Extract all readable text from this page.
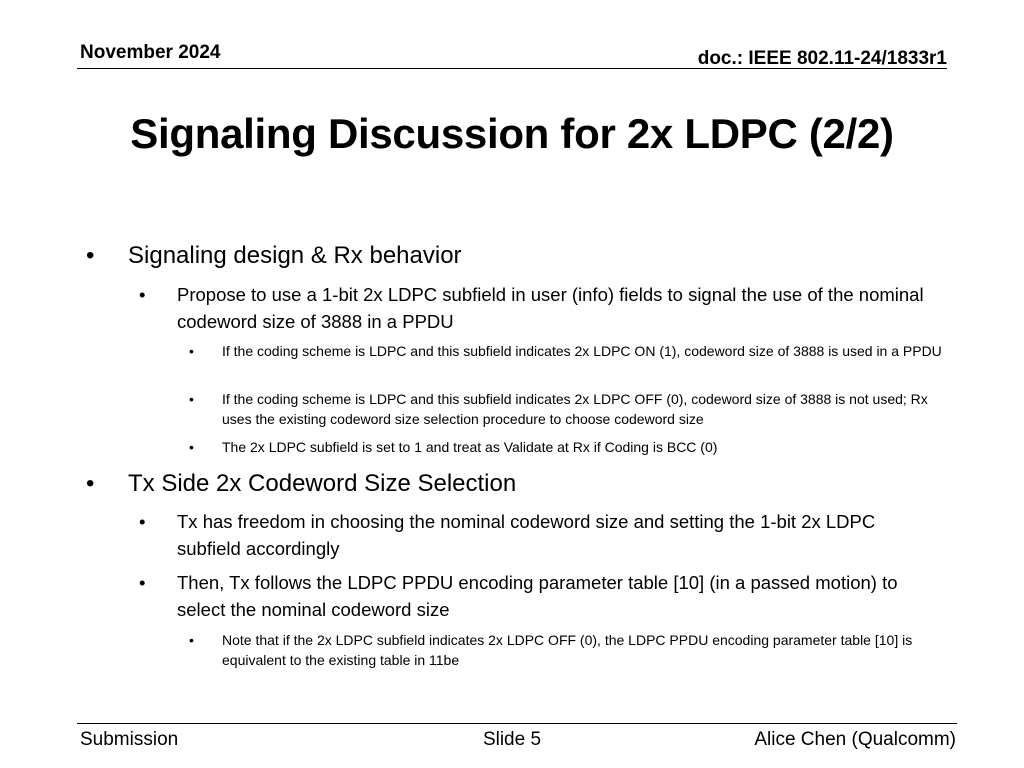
November 2024	doc.: IEEE 802.11-24/1833r1
Signaling Discussion for 2x LDPC (2/2)
• Signaling design & Rx behavior
• Propose to use a 1-bit 2x LDPC subfield in user (info) fields to signal the use of the nominal codeword size of 3888 in a PPDU
• If the coding scheme is LDPC and this subfield indicates 2x LDPC ON (1), codeword size of 3888 is used in a PPDU
• If the coding scheme is LDPC and this subfield indicates 2x LDPC OFF (0), codeword size of 3888 is not used; Rx uses the existing codeword size selection procedure to choose codeword size
• The 2x LDPC subfield is set to 1 and treat as Validate at Rx if Coding is BCC (0)
• Tx Side 2x Codeword Size Selection
• Tx has freedom in choosing the nominal codeword size and setting the 1-bit 2x LDPC subfield accordingly
• Then, Tx follows the LDPC PPDU encoding parameter table [10] (in a passed motion) to select the nominal codeword size
• Note that if the 2x LDPC subfield indicates 2x LDPC OFF (0), the LDPC PPDU encoding parameter table [10] is equivalent to the existing table in 11be
Submission	Slide 5	Alice Chen (Qualcomm)
